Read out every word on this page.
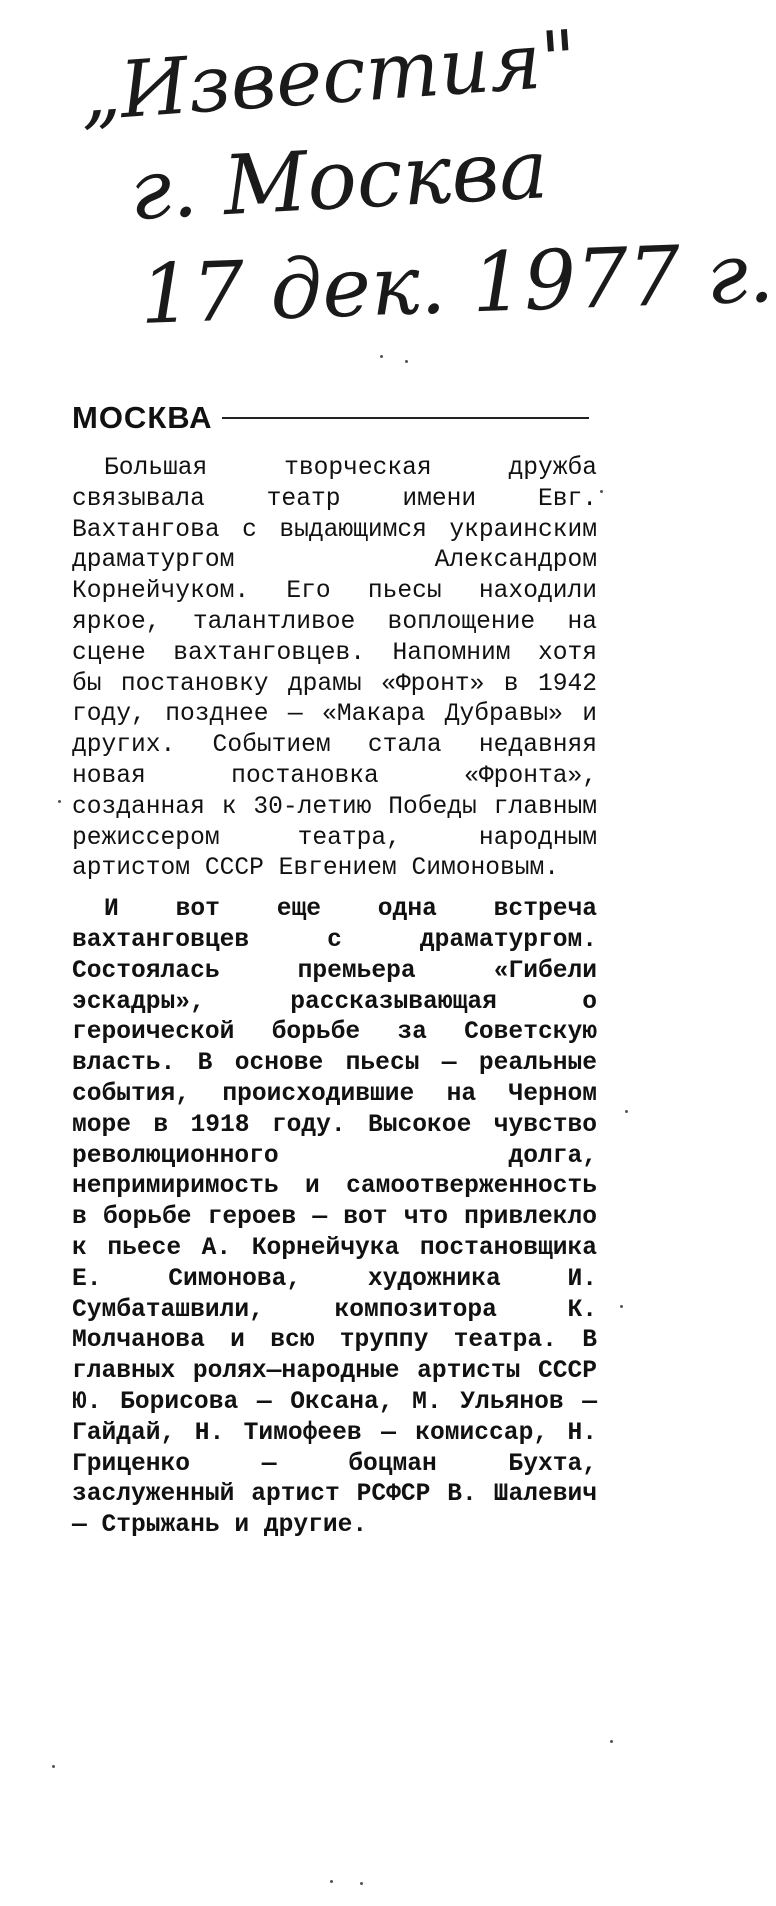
„Известия"
г. Москва
17 дек. 1977 г.
МОСКВА

Большая творческая дружба связывала театр имени Евг. Вахтангова с выдающимся украинским драматургом Александром Корнейчуком. Его пьесы находили яркое, талантливое воплощение на сцене вахтанговцев. Напомним хотя бы постановку драмы «Фронт» в 1942 году, позднее — «Макара Дубравы» и других. Событием стала недавняя новая постановка «Фронта», созданная к 30-летию Победы главным режиссером театра, народным артистом СССР Евгением Симоновым.

И вот еще одна встреча вахтанговцев с драматургом. Состоялась премьера «Гибели эскадры», рассказывающая о героической борьбе за Советскую власть. В основе пьесы — реальные события, происходившие на Черном море в 1918 году. Высокое чувство революционного долга, непримиримость и самоотверженность в борьбе героев — вот что привлекло к пьесе А. Корнейчука постановщика Е. Симонова, художника И. Сумбаташвили, композитора К. Молчанова и всю труппу театра. В главных ролях—народные артисты СССР Ю. Борисова — Оксана, М. Ульянов — Гайдай, Н. Тимофеев — комиссар, Н. Гриценко — боцман Бухта, заслуженный артист РСФСР В. Шалевич — Стрыжань и другие.
